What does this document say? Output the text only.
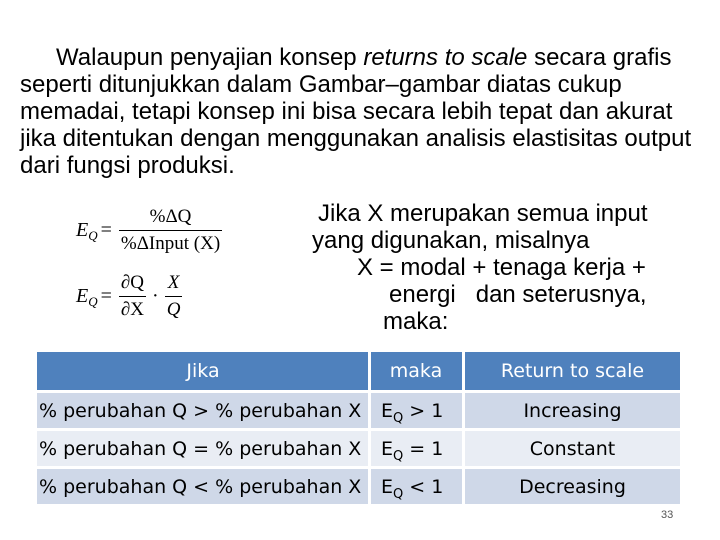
Walaupun penyajian konsep returns to scale secara grafis seperti ditunjukkan dalam Gambar–gambar diatas cukup memadai, tetapi konsep ini bisa secara lebih tepat dan akurat jika ditentukan dengan menggunakan analisis elastisitas output dari fungsi produksi.
Jika X merupakan semua input
yang digunakan, misalnya
X = modal + tenaga kerja +
energi   dan seterusnya,
maka:
E $Q = \frac{\%\Delta Q}{\text{\%ΔInput (X)}}$
E $Q = \frac{\partial Q}{\partial X} \cdot \frac{X}{Q}$
Jika	maka	Return to scale
% perubahan Q > % perubahan X	$E_Q > 1$	Increasing
% perubahan Q = % perubahan X	$E_Q = 1$	Constant
% perubahan Q < % perubahan X	$E_Q < 1$	Decreasing
33
